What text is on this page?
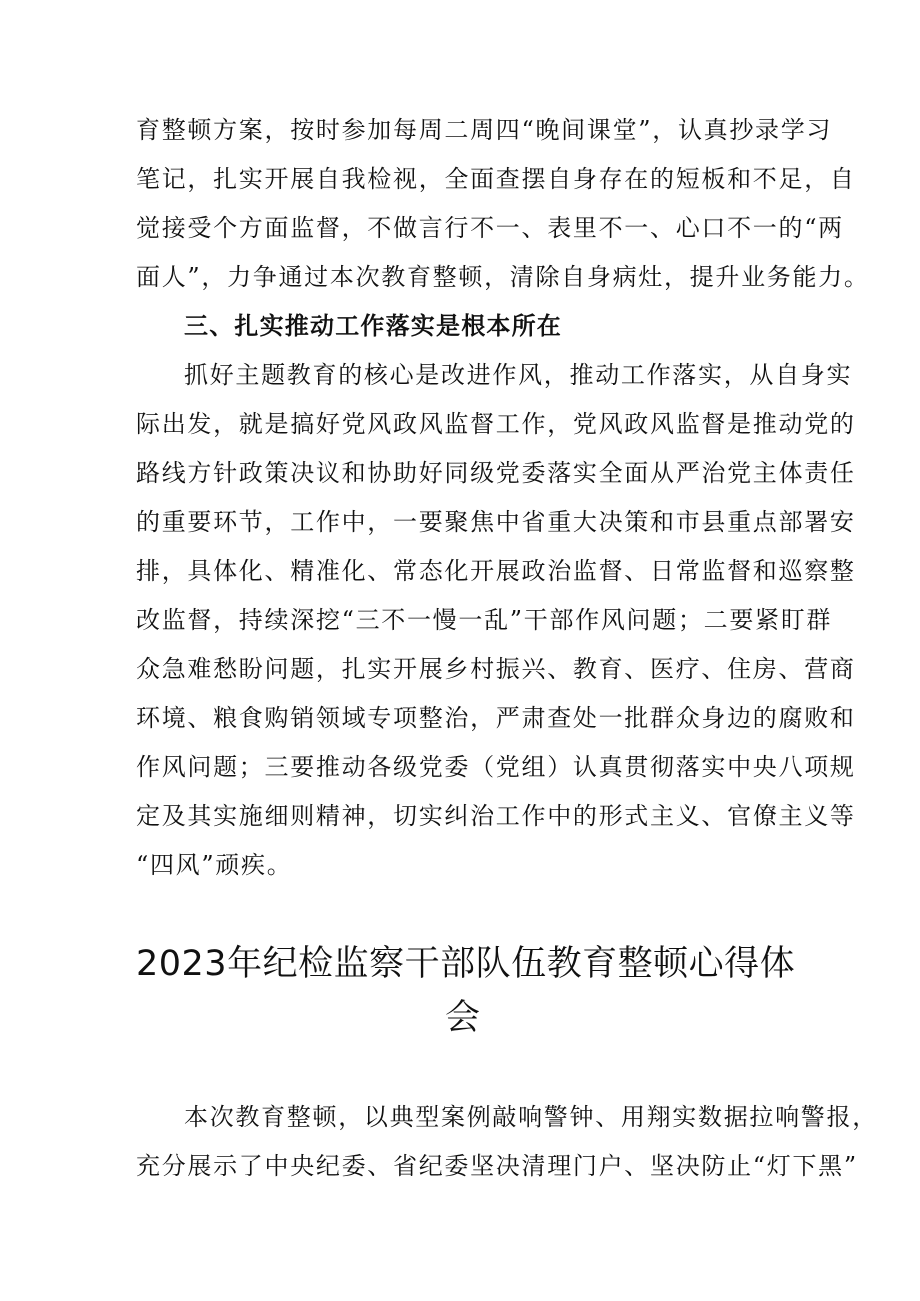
育整顿方案，按时参加每周二周四“晚间课堂”，认真抄录学习
笔记，扎实开展自我检视，全面查摆自身存在的短板和不足，自
觉接受个方面监督，不做言行不一、表里不一、心口不一的“两
面人”，力争通过本次教育整顿，清除自身病灶，提升业务能力。
三、扎实推动工作落实是根本所在
抓好主题教育的核心是改进作风，推动工作落实，从自身实
际出发，就是搞好党风政风监督工作，党风政风监督是推动党的
路线方针政策决议和协助好同级党委落实全面从严治党主体责任
的重要环节，工作中，一要聚焦中省重大决策和市县重点部署安
排，具体化、精准化、常态化开展政治监督、日常监督和巡察整
改监督，持续深挖“三不一慢一乱”干部作风问题；二要紧盯群
众急难愁盼问题，扎实开展乡村振兴、教育、医疗、住房、营商
环境、粮食购销领域专项整治，严肃查处一批群众身边的腐败和
作风问题；三要推动各级党委（党组）认真贯彻落实中央八项规
定及其实施细则精神，切实纠治工作中的形式主义、官僚主义等
“四风”顽疾。
2023年纪检监察干部队伍教育整顿心得体
会
本次教育整顿，以典型案例敲响警钟、用翔实数据拉响警报，
充分展示了中央纪委、省纪委坚决清理门户、坚决防止“灯下黑”
